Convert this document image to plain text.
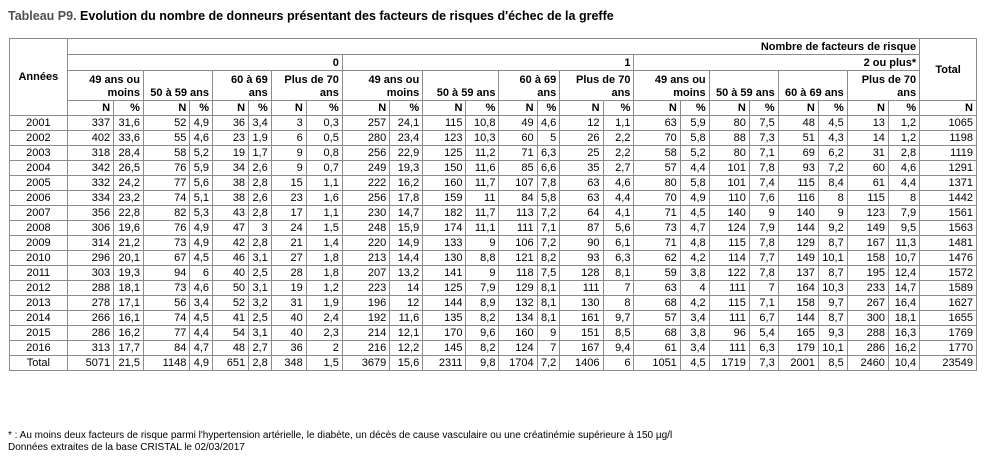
Tableau P9. Evolution du nombre de donneurs présentant des facteurs de risques d'échec de la greffe
Années	Nombre de facteurs de risque																								Total
	0								1								2 ou plus*								
	49 ans ou moins		50 à 59 ans		60 à 69 ans		Plus de 70 ans		49 ans ou moins		50 à 59 ans		60 à 69 ans		Plus de 70 ans		49 ans ou moins		50 à 59 ans		60 à 69 ans		Plus de 70 ans		
	N	%	N	%	N	%	N	%	N	%	N	%	N	%	N	%	N	%	N	%	N	%	N	%	N
2001	337	31,6	52	4,9	36	3,4	3	0,3	257	24,1	115	10,8	49	4,6	12	1,1	63	5,9	80	7,5	48	4,5	13	1,2	1065
2002	402	33,6	55	4,6	23	1,9	6	0,5	280	23,4	123	10,3	60	5	26	2,2	70	5,8	88	7,3	51	4,3	14	1,2	1198
2003	318	28,4	58	5,2	19	1,7	9	0,8	256	22,9	125	11,2	71	6,3	25	2,2	58	5,2	80	7,1	69	6,2	31	2,8	1119
2004	342	26,5	76	5,9	34	2,6	9	0,7	249	19,3	150	11,6	85	6,6	35	2,7	57	4,4	101	7,8	93	7,2	60	4,6	1291
2005	332	24,2	77	5,6	38	2,8	15	1,1	222	16,2	160	11,7	107	7,8	63	4,6	80	5,8	101	7,4	115	8,4	61	4,4	1371
2006	334	23,2	74	5,1	38	2,6	23	1,6	256	17,8	159	11	84	5,8	63	4,4	70	4,9	110	7,6	116	8	115	8	1442
2007	356	22,8	82	5,3	43	2,8	17	1,1	230	14,7	182	11,7	113	7,2	64	4,1	71	4,5	140	9	140	9	123	7,9	1561
2008	306	19,6	76	4,9	47	3	24	1,5	248	15,9	174	11,1	111	7,1	87	5,6	73	4,7	124	7,9	144	9,2	149	9,5	1563
2009	314	21,2	73	4,9	42	2,8	21	1,4	220	14,9	133	9	106	7,2	90	6,1	71	4,8	115	7,8	129	8,7	167	11,3	1481
2010	296	20,1	67	4,5	46	3,1	27	1,8	213	14,4	130	8,8	121	8,2	93	6,3	62	4,2	114	7,7	149	10,1	158	10,7	1476
2011	303	19,3	94	6	40	2,5	28	1,8	207	13,2	141	9	118	7,5	128	8,1	59	3,8	122	7,8	137	8,7	195	12,4	1572
2012	288	18,1	73	4,6	50	3,1	19	1,2	223	14	125	7,9	129	8,1	111	7	63	4	111	7	164	10,3	233	14,7	1589
2013	278	17,1	56	3,4	52	3,2	31	1,9	196	12	144	8,9	132	8,1	130	8	68	4,2	115	7,1	158	9,7	267	16,4	1627
2014	266	16,1	74	4,5	41	2,5	40	2,4	192	11,6	135	8,2	134	8,1	161	9,7	57	3,4	111	6,7	144	8,7	300	18,1	1655
2015	286	16,2	77	4,4	54	3,1	40	2,3	214	12,1	170	9,6	160	9	151	8,5	68	3,8	96	5,4	165	9,3	288	16,3	1769
2016	313	17,7	84	4,7	48	2,7	36	2	216	12,2	145	8,2	124	7	167	9,4	61	3,4	111	6,3	179	10,1	286	16,2	1770
Total	5071	21,5	1148	4,9	651	2,8	348	1,5	3679	15,6	2311	9,8	1704	7,2	1406	6	1051	4,5	1719	7,3	2001	8,5	2460	10,4	23549
* : Au moins deux facteurs de risque parmi l'hypertension artérielle, le diabète, un décès de cause vasculaire ou une créatinémie supérieure à 150 µg/l
Données extraites de la base CRISTAL le 02/03/2017
